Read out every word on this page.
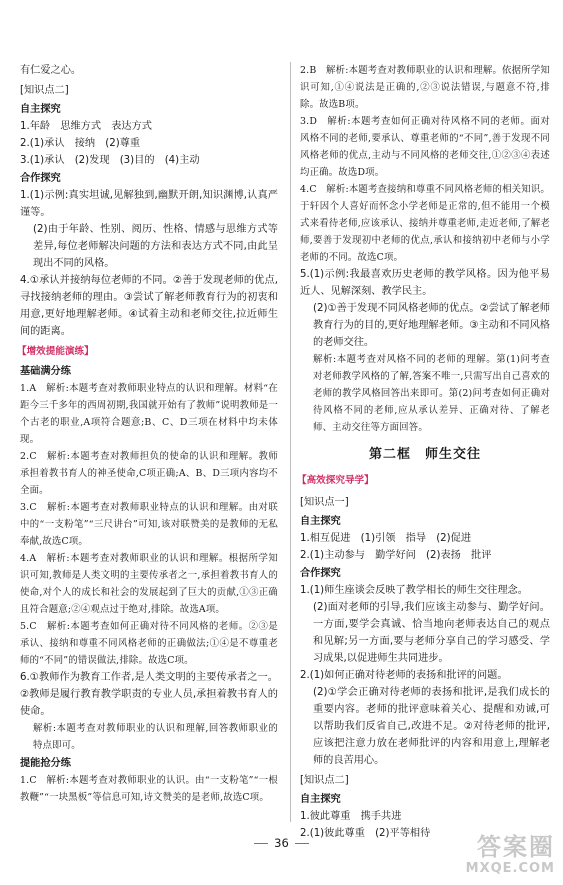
有仁爱之心。

[知识点二]

自主探究

1.年龄　思维方式　表达方式

2.(1)承认　接纳　(2)尊重

3.(1)承认　(2)发现　(3)目的　(4)主动

合作探究

1.(1)示例:真实坦诚,见解独到,幽默开朗,知识渊博,认真严谨等。

(2)由于年龄、性别、阅历、性格、情感与思维方式等差异,每位老师解决问题的方法和表达方式不同,由此呈现出不同的风格。

4.①承认并接纳每位老师的不同。②善于发现老师的优点,寻找接纳老师的理由。③尝试了解老师教育行为的初衷和用意,更好地理解老师。④试着主动和老师交往,拉近师生间的距离。

【增效提能演练】

基础满分练

1.A　解析:本题考查对教师职业特点的认识和理解。材料“在距今三千多年的西周初期,我国就开始有了教师”说明教师是一个古老的职业,A项符合题意;B、C、D三项在材料中均未体现。

2.C　解析:本题考查对教师担负的使命的认识和理解。教师承担着教书育人的神圣使命,C项正确;A、B、D三项内容均不全面。

3.C　解析:本题考查对教师职业特点的认识和理解。由对联中的“一支粉笔”“三尺讲台”可知,该对联赞美的是教师的无私奉献,故选C项。

4.A　解析:本题考查对教师职业的认识和理解。根据所学知识可知,教师是人类文明的主要传承者之一,承担着教书育人的使命,对个人的成长和社会的发展起到了巨大的贡献,①③正确且符合题意;②④观点过于绝对,排除。故选A项。

5.C　解析:本题考查如何正确对待不同风格的老师。②③是承认、接纳和尊重不同风格老师的正确做法;①④是不尊重老师的“不同”的错误做法,排除。故选C项。

6.①教师作为教育工作者,是人类文明的主要传承者之一。②教师是履行教育教学职责的专业人员,承担着教书育人的使命。

解析:本题考查对教师职业的认识和理解,回答教师职业的特点即可。

提能抢分练

1.C　解析:本题考查对教师职业的认识。由“一支粉笔”“一根教鞭”“一块黑板”等信息可知,诗文赞美的是老师,故选C项。

2.B　解析:本题考查对教师职业的认识和理解。依据所学知识可知,①④说法是正确的,②③说法错误,与题意不符,排除。故选B项。

3.D　解析:本题考查如何正确对待风格不同的老师。面对风格不同的老师,要承认、尊重老师的“不同”,善于发现不同风格老师的优点,主动与不同风格的老师交往,①②③④表述均正确。故选D项。

4.C　解析:本题考查接纳和尊重不同风格老师的相关知识。于轩因个人喜好而怀念小学老师是正常的,但不能用一个模式来看待老师,应该承认、接纳并尊重老师,走近老师,了解老师,要善于发现初中老师的优点,承认和接纳初中老师与小学老师的不同。故选C项。

5.(1)示例:我最喜欢历史老师的教学风格。因为他平易近人、见解深刻、教学民主。

(2)①善于发现不同风格老师的优点。②尝试了解老师教育行为的目的,更好地理解老师。③主动和不同风格的老师交往。

解析:本题考查对风格不同的老师的理解。第(1)问考查对老师教学风格的了解,答案不唯一,只需写出自己喜欢的老师的教学风格回答出来即可。第(2)问考查如何正确对待风格不同的老师,应从承认差异、正确对待、了解老师、主动交往等方面回答。

第二框　师生交往
【高效探究导学】
[知识点一]

自主探究

1.相互促进　(1)引领　指导　(2)促进

2.(1)主动参与　勤学好问　(2)表扬　批评

合作探究

1.(1)师生座谈会反映了教学相长的师生交往理念。

(2)面对老师的引导,我们应该主动参与、勤学好问。一方面,要学会真诚、恰当地向老师表达自己的观点和见解;另一方面,要与老师分享自己的学习感受、学习成果,以促进师生共同进步。

2.(1)如何正确对待老师的表扬和批评的问题。

(2)①学会正确对待老师的表扬和批评,是我们成长的重要内容。老师的批评意味着关心、提醒和劝诫,可以帮助我们反省自己,改进不足。②对待老师的批评,应该把注意力放在老师批评的内容和用意上,理解老师的良苦用心。

[知识点二]

自主探究

1.彼此尊重　携手共进

2.(1)彼此尊重　(2)平等相待

36	答案圈
MXQE.COM
